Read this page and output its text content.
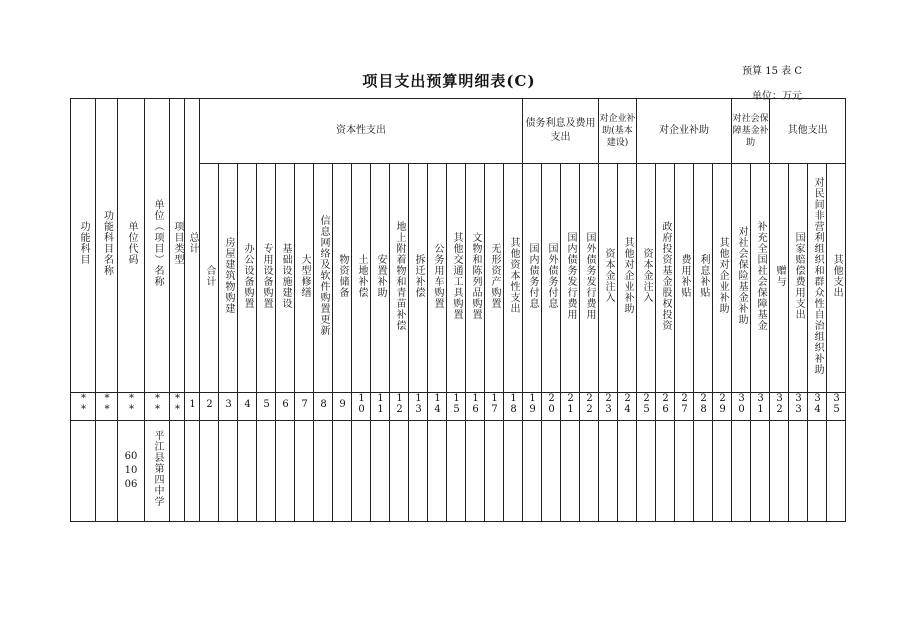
预算 15 表 C
项目支出预算明细表(C)
单位：万元
功能科目	功能科目名称	单位代码	单位（项目）名称	项目类型	总计	资本性支出																	债务利息及费用支出				对企业补助(基本建设)		对企业补助					对社会保障基金补助		其他支出			
						合计	房屋建筑物购建	办公设备购置	专用设备购置	基础设施建设	大型修缮	信息网络及软件购置更新	物资储备	土地补偿	安置补助	地上附着物和青苗补偿	拆迁补偿	公务用车购置	其他交通工具购置	文物和陈列品购置	无形资产购置	其他资本性支出	国内债务付息	国外债务付息	国内债务发行费用	国外债务发行费用	资本金注入	其他对企业补助	资本金注入	政府投资基金股权投资	费用补贴	利息补贴	其他对企业补助	对社会保险基金补助	补充全国社会保障基金	赠与	国家赔偿费用支出	对民间非营利组织和群众性自治组织补助	其他支出
**	**	**	**	**	1	2	3	4	5	6	7	8	9	10	11	12	13	14	15	16	17	18	19	20	21	22	23	24	25	26	27	28	29	30	31	32	33	34	35
		601006	平江县第四中学																																				
